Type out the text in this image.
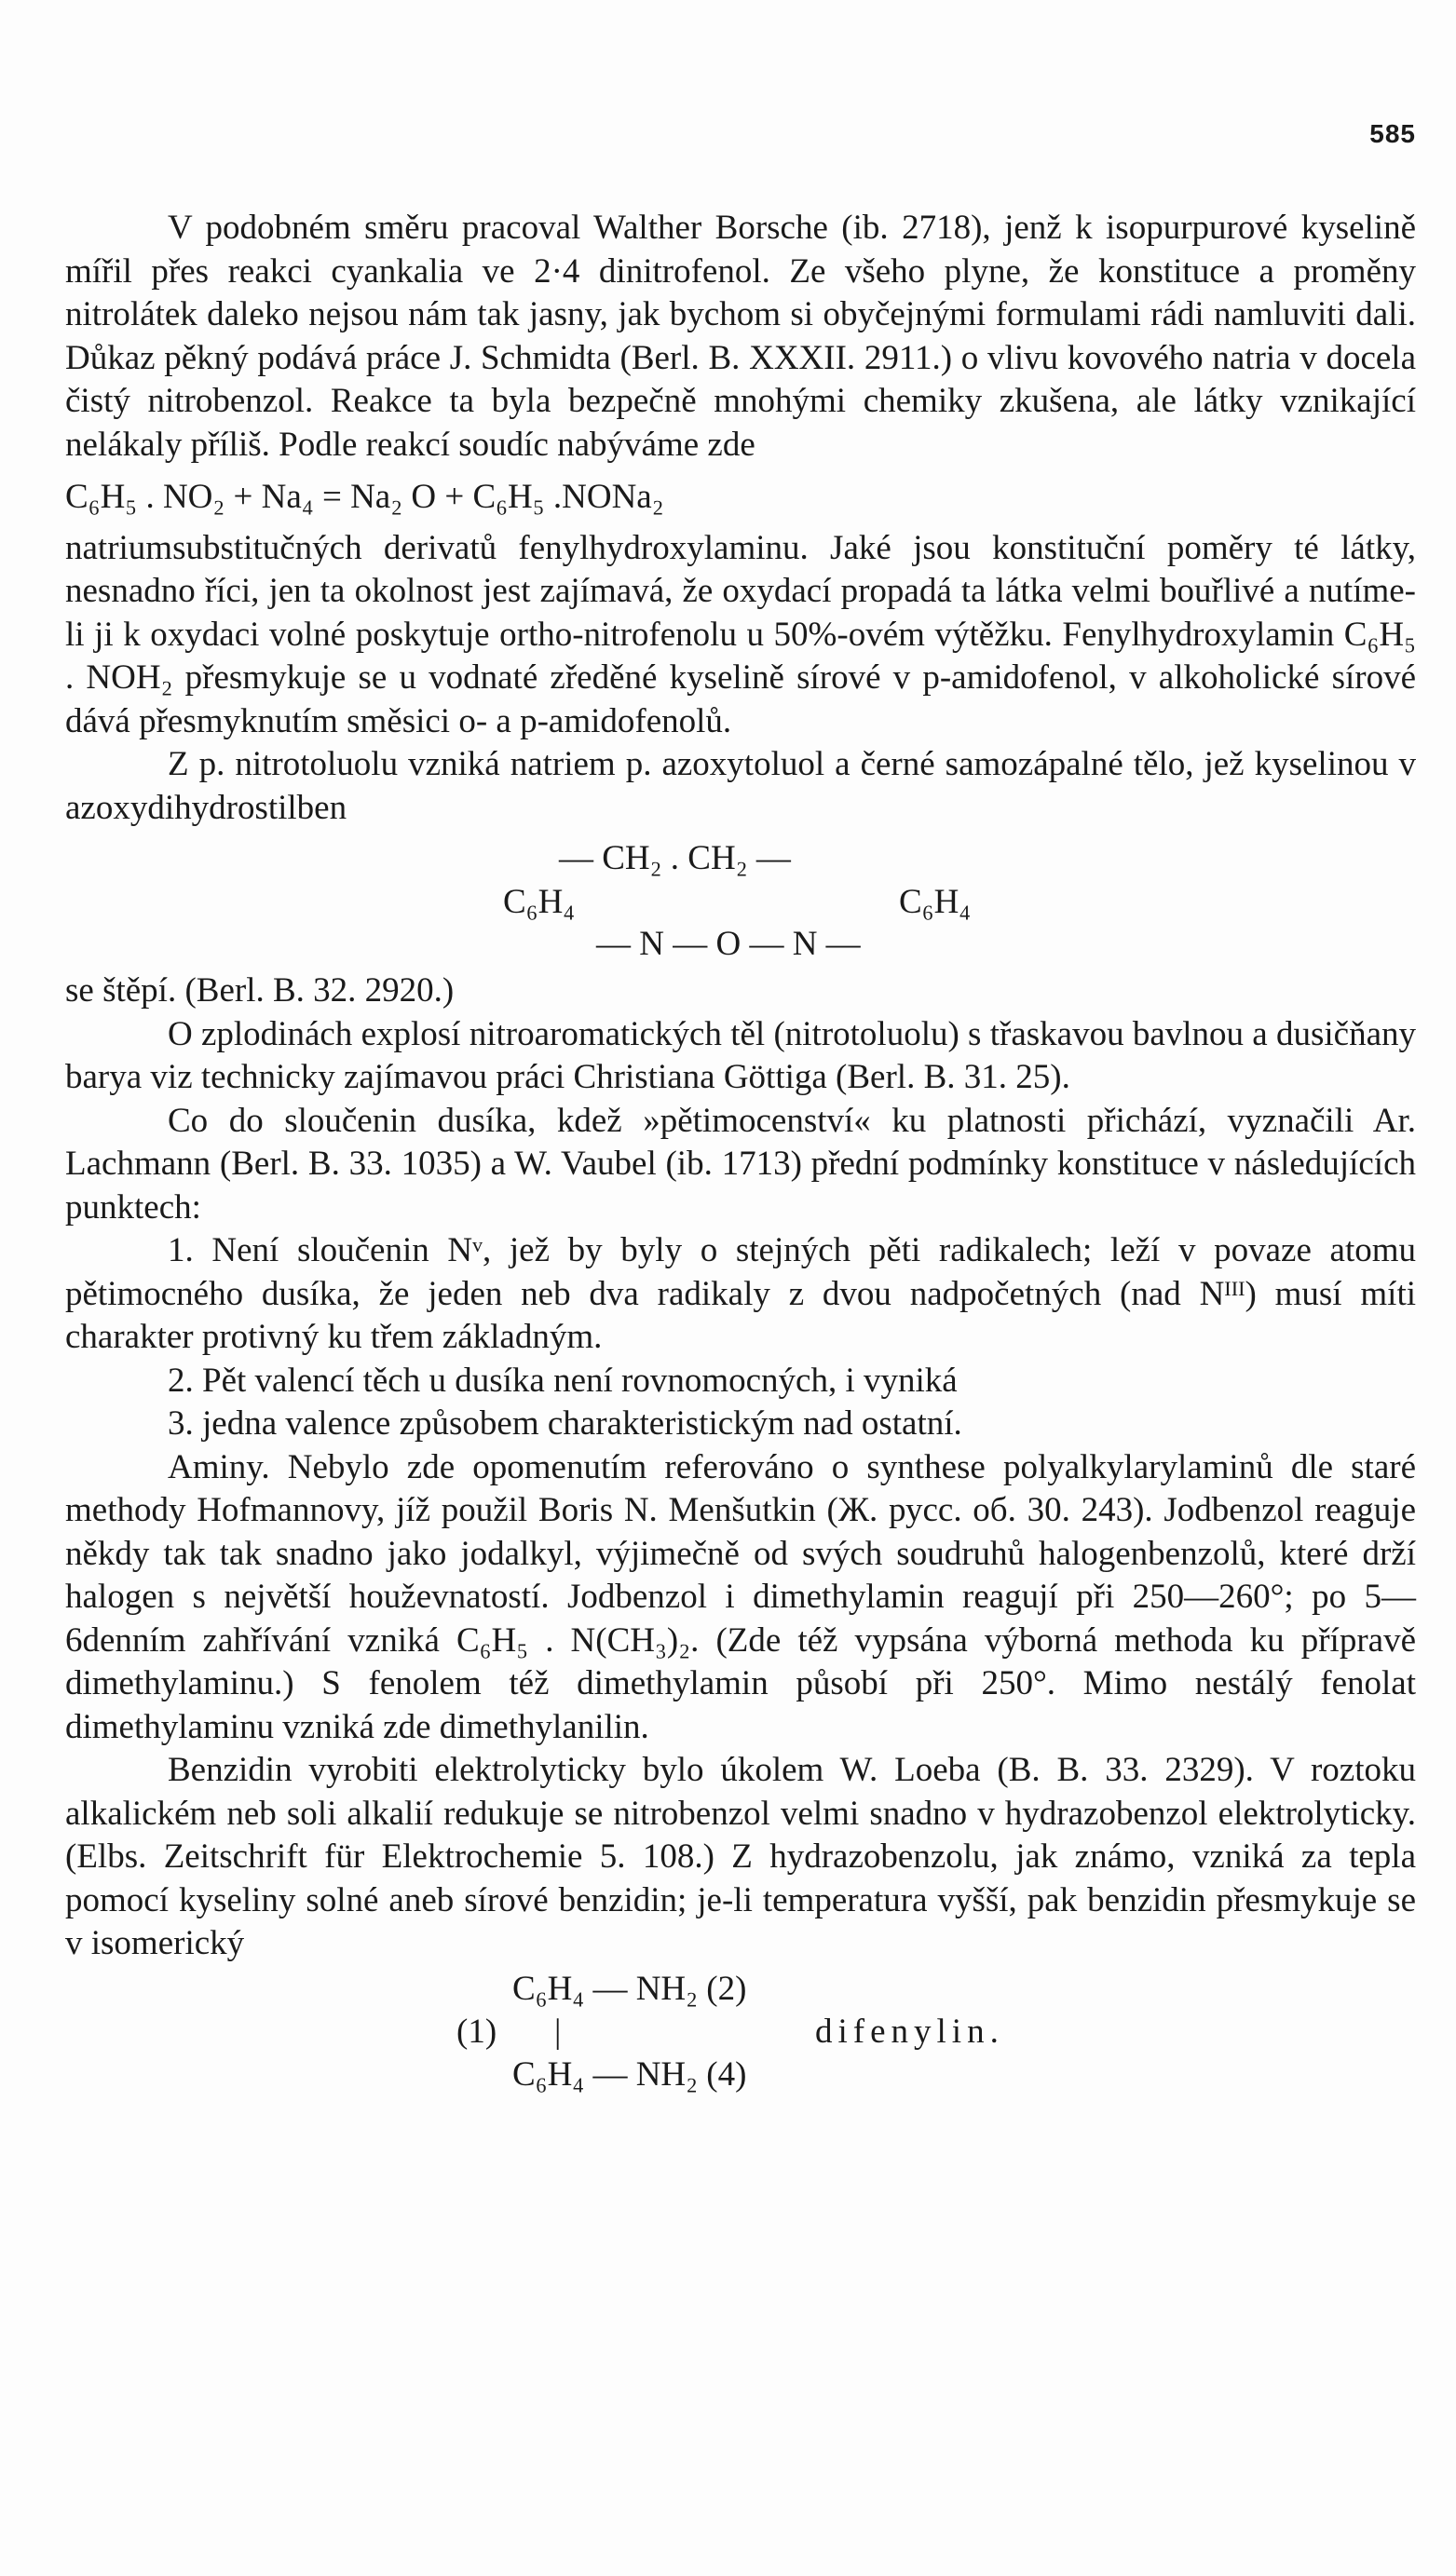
585

V podobném směru pracoval Walther Borsche (ib. 2718), jenž k isopurpurové kyselině mířil přes reakci cyankalia ve 2·4 dinitrofenol. Ze všeho plyne, že konstituce a proměny nitrolátek daleko nejsou nám tak jasny, jak bychom si obyčejnými formulami rádi namluviti dali. Důkaz pěkný podává práce J. Schmidta (Berl. B. XXXII. 2911.) o vlivu kovového natria v docela čistý nitrobenzol. Reakce ta byla bezpečně mnohými chemiky zkušena, ale látky vznikající nelákaly příliš. Podle reakcí soudíc nabýváme zde

C₆H₅ . NO₂ + Na₄ = Na₂ O + C₆H₅ .NONa₂

natriumsubstitučných derivatů fenylhydroxylaminu. Jaké jsou konstituční poměry té látky, nesnadno říci, jen ta okolnost jest zajímavá, že oxydací propadá ta látka velmi bouřlivé a nutíme-li ji k oxydaci volné poskytuje ortho-nitrofenolu u 50%-ovém výtěžku. Fenylhydroxylamin C₆H₅ . NOH₂ přesmykuje se u vodnaté zředěné kyselině sírové v p-amidofenol, v alkoholické sírové dává přesmyknutím směsici o- a p-amidofenolů.

Z p. nitrotoluolu vzniká natriem p. azoxytoluol a černé samozápalné tělo, jež kyselinou v azoxydihydrostilben

— CH₂ . CH₂ —
C₆H₄	C₆H₄
— N — O — N —

se štěpí. (Berl. B. 32. 2920.)

O zplodinách explosí nitroaromatických těl (nitrotoluolu) s třaskavou bavlnou a dusičňany baryа viz technicky zajímavou práci Christiana Göttiga (Berl. B. 31. 25).

Co do sloučenin dusíka, kdež »pětimocenství« ku platnosti přichází, vyznačili Ar. Lachmann (Berl. B. 33. 1035) a W. Vaubel (ib. 1713) přední podmínky konstituce v následujících punktech:

1. Není sloučenin Nᵛ, jež by byly o stejných pěti radikalech; leží v povaze atomu pětimocného dusíka, že jeden neb dva radikaly z dvou nadpočetných (nad Nᴵᴵᴵ) musí míti charakter protivný ku třem základným.

2. Pět valencí těch u dusíka není rovnomocných, i vyniká

3. jedna valence způsobem charakteristickým nad ostatní.

Aminy. Nebylo zde opomenutím referováno o synthese polyalkylarylaminů dle staré methody Hofmannovy, jíž použil Boris N. Menšutkin (Ж. русс. об. 30. 243). Jodbenzol reaguje někdy tak tak snadno jako jodalkyl, výjimečně od svých soudruhů halogenbenzolů, které drží halogen s největší houževnatostí. Jodbenzol i dimethylamin reagují při 250—260°; po 5—6denním zahřívání vzniká C₆H₅ . N(CH₃)₂. (Zde též vypsána výborná methoda ku přípravě dimethylaminu.) S fenolem též dimethylamin působí při 250°. Mimo nestálý fenolat dimethylaminu vzniká zde dimethylanilin.

Benzidin vyrobiti elektrolyticky bylo úkolem W. Loeba (B. B. 33. 2329). V roztoku alkalickém neb soli alkalií redukuje se nitrobenzol velmi snadno v hydrazobenzol elektrolyticky. (Elbs. Zeitschrift für Elektrochemie 5. 108.) Z hydrazobenzolu, jak známo, vzniká za tepla pomocí kyseliny solné aneb sírové benzidin; je-li temperatura vyšší, pak benzidin přesmykuje se v isomerický

C₆H₄ — NH₂ (2)
(1) |	difenylin.
C₆H₄ — NH₂ (4)
